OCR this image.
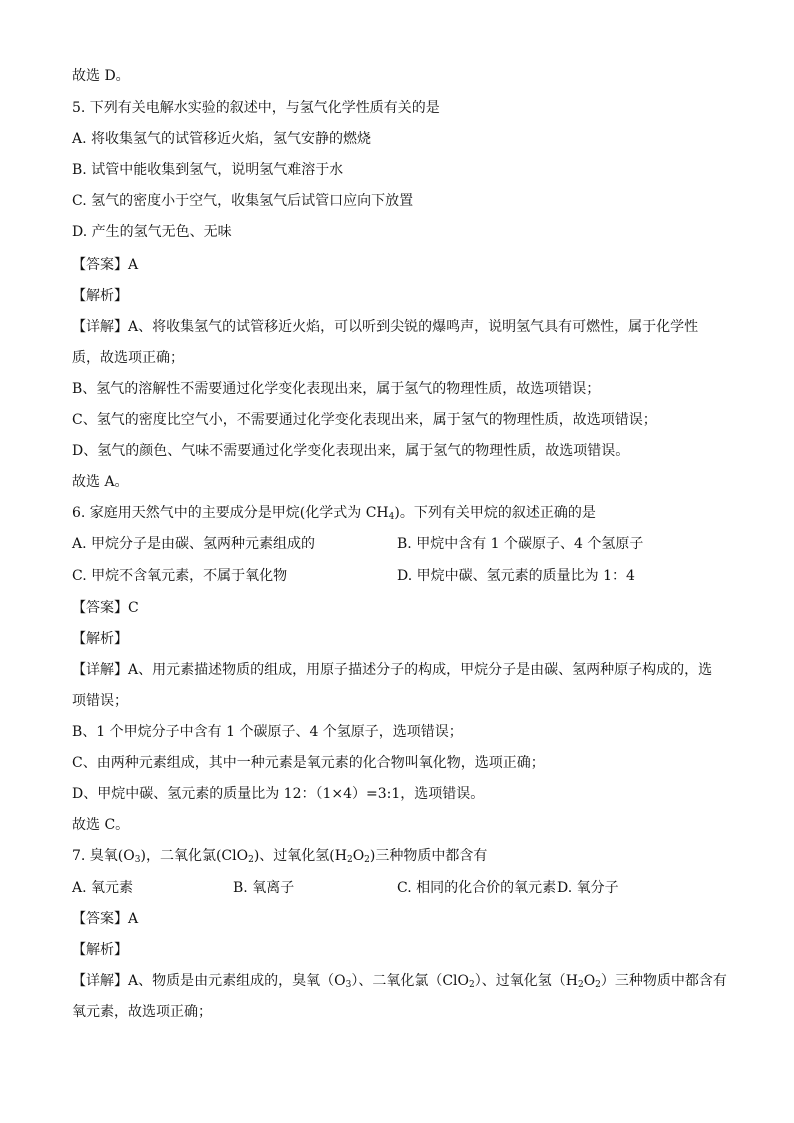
故选 D。
5. 下列有关电解水实验的叙述中，与氢气化学性质有关的是
A. 将收集氢气的试管移近火焰，氢气安静的燃烧
B. 试管中能收集到氢气，说明氢气难溶于水
C. 氢气的密度小于空气，收集氢气后试管口应向下放置
D. 产生的氢气无色、无味
【答案】A
【解析】
【详解】A、将收集氢气的试管移近火焰，可以听到尖锐的爆鸣声，说明氢气具有可燃性，属于化学性
质，故选项正确；
B、氢气的溶解性不需要通过化学变化表现出来，属于氢气的物理性质，故选项错误；
C、氢气的密度比空气小，不需要通过化学变化表现出来，属于氢气的物理性质，故选项错误；
D、氢气的颜色、气味不需要通过化学变化表现出来，属于氢气的物理性质，故选项错误。
故选 A。
6. 家庭用天然气中的主要成分是甲烷(化学式为 $CH_4$)。下列有关甲烷的叙述正确的是
A. 甲烷分子是由碳、氢两种元素组成的	B. 甲烷中含有 1 个碳原子、4 个氢原子
C. 甲烷不含氧元素，不属于氧化物	D. 甲烷中碳、氢元素的质量比为 1：4
【答案】C
【解析】
【详解】A、用元素描述物质的组成，用原子描述分子的构成，甲烷分子是由碳、氢两种原子构成的，选
项错误；
B、1 个甲烷分子中含有 1 个碳原子、4 个氢原子，选项错误；
C、由两种元素组成，其中一种元素是氧元素的化合物叫氧化物，选项正确；
D、甲烷中碳、氢元素的质量比为 12：（1×4）=3:1，选项错误。
故选 C。
7. 臭氧$(O_3)$，二氧化氯(ClO$_2$)、过氧化氢$(H_2O_2)$三种物质中都含有
A. 氧元素	B. 氧离子	C. 相同的化合价的氧元素 D. 氧分子
【答案】A
【解析】
【详解】A、物质是由元素组成的，臭氧$(O_3)$、二氧化氯（ClO$_2$）、过氧化氢$(H_2O_2)$三种物质中都含有
氧元素，故选项正确；
